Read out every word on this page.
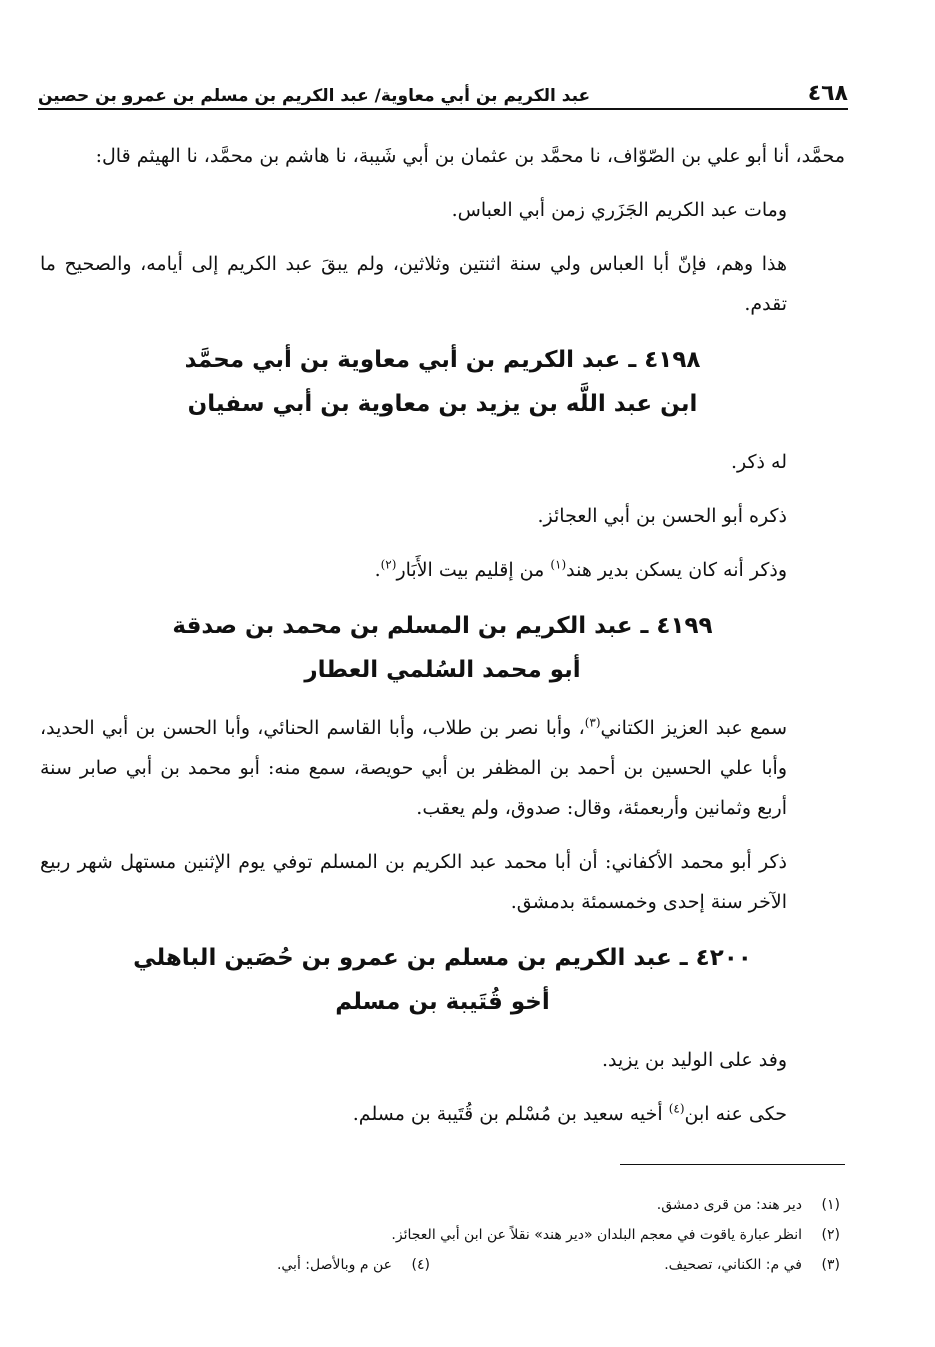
٤٦٨
عبد الكريم بن أبي معاوية/ عبد الكريم بن مسلم بن عمرو بن حصين

محمَّد، أنا أبو علي بن الصّوّاف، نا محمَّد بن عثمان بن أبي شَيبة، نا هاشم بن محمَّد، نا الهيثم قال:

ومات عبد الكريم الجَزَري زمن أبي العباس.

هذا وهم، فإنّ أبا العباس ولي سنة اثنتين وثلاثين، ولم يبقَ عبد الكريم إلى أيامه، والصحيح ما تقدم.

٤١٩٨ ـ عبد الكريم بن أبي معاوية بن أبي محمَّد
ابن عبد اللَّه بن يزيد بن معاوية بن أبي سفيان

له ذكر.

ذكره أبو الحسن بن أبي العجائز.

وذكر أنه كان يسكن بدير هند$^{(١)}$ من إقليم بيت الأَبَار$^{(٢)}$.

٤١٩٩ ـ عبد الكريم بن المسلم بن محمد بن صدقة
أبو محمد السُلمي العطار

سمع عبد العزيز الكتاني$^{(٣)}$، وأبا نصر بن طلاب، وأبا القاسم الحنائي، وأبا الحسن بن أبي الحديد، وأبا علي الحسين بن أحمد بن المظفر بن أبي حويصة، سمع منه: أبو محمد بن أبي صابر سنة أربع وثمانين وأربعمئة، وقال: صدوق، ولم يعقب.

ذكر أبو محمد الأكفاني: أن أبا محمد عبد الكريم بن المسلم توفي يوم الإثنين مستهل شهر ربيع الآخر سنة إحدى وخمسمئة بدمشق.

٤٢٠٠ ـ عبد الكريم بن مسلم بن عمرو بن حُصَين الباهلي
أخو قُتَيبة بن مسلم

وفد على الوليد بن يزيد.

حكى عنه ابن$^{(٤)}$ أخيه سعيد بن مُسْلم بن قُتَيبة بن مسلم.

(١)
دير هند: من قرى دمشق.
(٢)
انظر عبارة ياقوت في معجم البلدان «دير هند» نقلاً عن ابن أبي العجائز.
(٣)
في م: الكناني، تصحيف.
(٤)
عن م وبالأصل: أبي.
